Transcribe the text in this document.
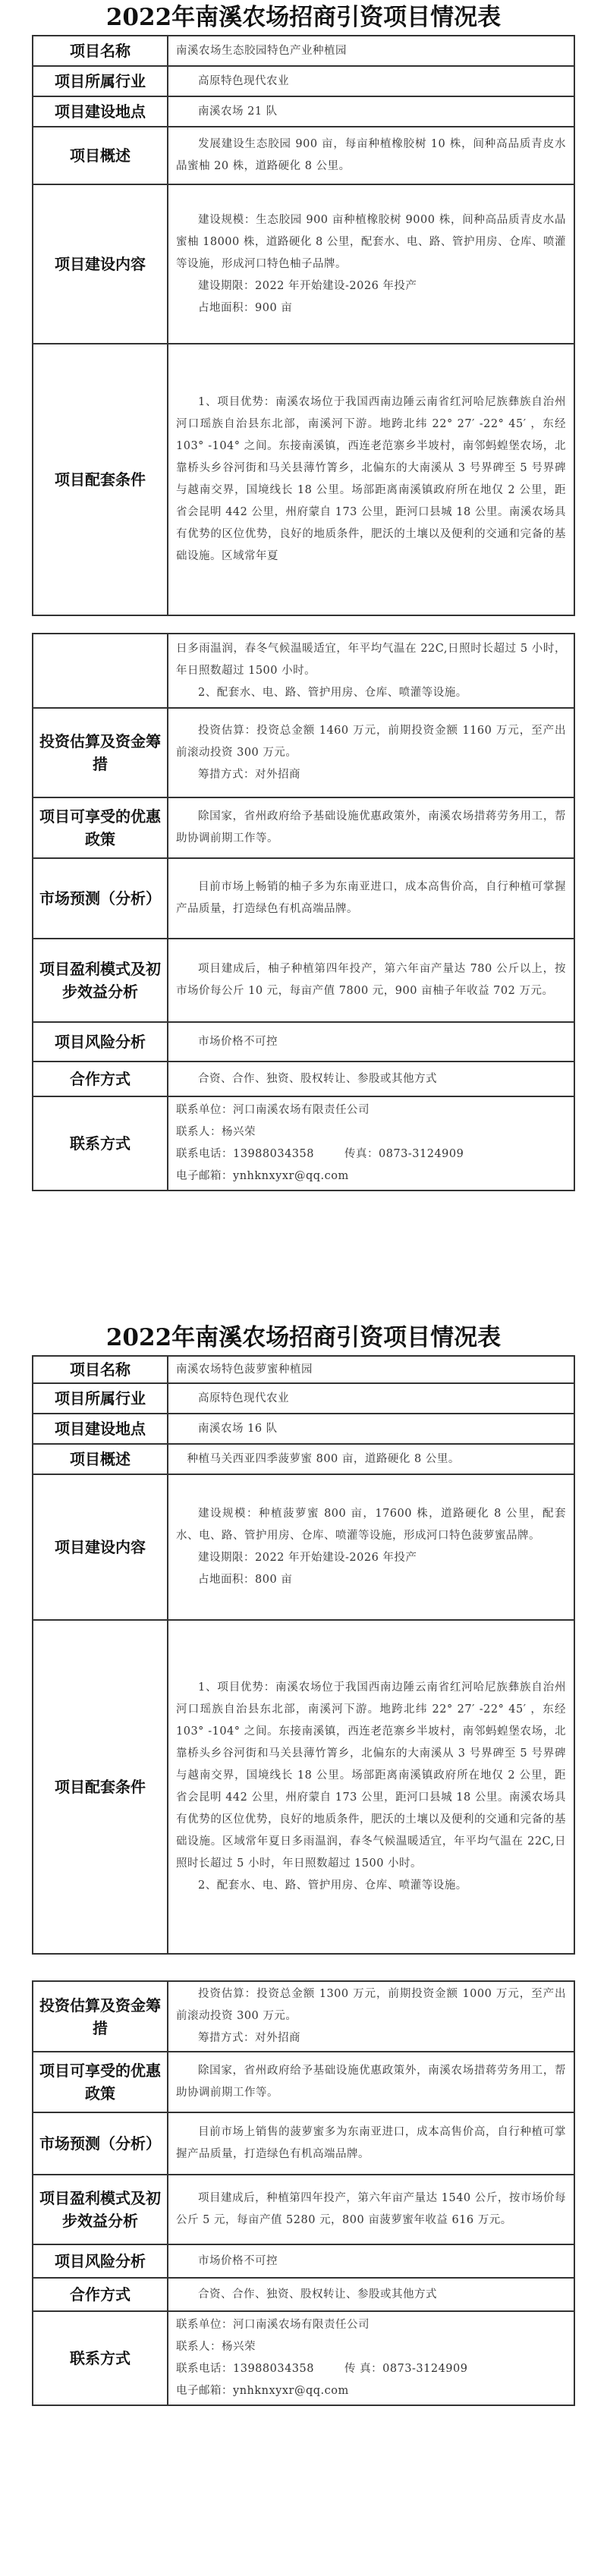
2022年南溪农场招商引资项目情况表
项目名称	南溪农场生态胶园特色产业种植园

项目所属行业	高原特色现代农业

项目建设地点	南溪农场 21 队

项目概述	发展建设生态胶园 900 亩，每亩种植橡胶树 10 株，间种高品质青皮水晶蜜柚 20 株，道路硬化 8 公里。

项目建设内容	建设规模：生态胶园 900 亩种植橡胶树 9000 株，间种高品质青皮水晶蜜柚 18000 株，道路硬化 8 公里，配套水、电、路、管护用房、仓库、喷灌等设施，形成河口特色柚子品牌。

建设期限：2022 年开始建设-2026 年投产

占地面积：900 亩

项目配套条件	1、项目优势：南溪农场位于我国西南边陲云南省红河哈尼族彝族自治州河口瑶族自治县东北部，南溪河下游。地跨北纬 22° 27′ -22° 45′ ，东经 103° -104° 之间。东接南溪镇，西连老范寨乡半坡村，南邻蚂蝗堡农场，北靠桥头乡谷河街和马关县薄竹箐乡，北偏东的大南溪从 3 号界碑至 5 号界碑与越南交界，国境线长 18 公里。场部距离南溪镇政府所在地仅 2 公里，距省会昆明 442 公里，州府蒙自 173 公里，距河口县城 18 公里。南溪农场具有优势的区位优势，良好的地质条件，肥沃的土壤以及便利的交通和完备的基础设施。区域常年夏

	日多雨温润，春冬气候温暖适宜，年平均气温在 22C,日照时长超过 5 小时，年日照数超过 1500 小时。

2、配套水、电、路、管护用房、仓库、喷灌等设施。

投资估算及资金筹措	投资估算：投资总金额 1460 万元，前期投资金额 1160 万元，至产出前滚动投资 300 万元。

筹措方式：对外招商

项目可享受的优惠政策	除国家，省州政府给予基础设施优惠政策外，南溪农场措蒋劳务用工，帮助协调前期工作等。

市场预测（分析）	目前市场上畅销的柚子多为东南亚进口，成本高售价高，自行种植可掌握产品质量，打造绿色有机高端品牌。

项目盈利模式及初步效益分析	项目建成后，柚子种植第四年投产，第六年亩产量达 780 公斤以上，按市场价每公斤 10 元，每亩产值 7800 元，900 亩柚子年收益 702 万元。

项目风险分析	市场价格不可控

合作方式	合资、合作、独资、股权转让、参股或其他方式

联系方式	联系单位：河口南溪农场有限责任公司

联系人：杨兴荣

联系电话：13988034358 传真：0873-3124909

电子邮箱：ynhknxyxr@qq.com

2022年南溪农场招商引资项目情况表
项目名称	南溪农场特色菠萝蜜种植园

项目所属行业	高原特色现代农业

项目建设地点	南溪农场 16 队

项目概述	种植马关西亚四季菠萝蜜 800 亩，道路硬化 8 公里。

项目建设内容	建设规模：种植菠萝蜜 800 亩，17600 株，道路硬化 8 公里，配套水、电、路、管护用房、仓库、喷灌等设施，形成河口特色菠萝蜜品牌。

建设期限：2022 年开始建设-2026 年投产

占地面积：800 亩

项目配套条件	1、项目优势：南溪农场位于我国西南边陲云南省红河哈尼族彝族自治州河口瑶族自治县东北部，南溪河下游。地跨北纬 22° 27′ -22° 45′ ，东经 103° -104° 之间。东接南溪镇，西连老范寨乡半坡村，南邻蚂蝗堡农场，北靠桥头乡谷河街和马关县薄竹箐乡，北偏东的大南溪从 3 号界碑至 5 号界碑与越南交界，国境线长 18 公里。场部距离南溪镇政府所在地仅 2 公里，距省会昆明 442 公里，州府蒙自 173 公里，距河口县城 18 公里。南溪农场具有优势的区位优势，良好的地质条件，肥沃的土壤以及便利的交通和完备的基础设施。区域常年夏日多雨温润，春冬气候温暖适宜，年平均气温在 22C,日照时长超过 5 小时，年日照数超过 1500 小时。

2、配套水、电、路、管护用房、仓库、喷灌等设施。

投资估算及资金筹措	投资估算：投资总金额 1300 万元，前期投资金额 1000 万元，至产出前滚动投资 300 万元。

筹措方式：对外招商

项目可享受的优惠政策	除国家，省州政府给予基础设施优惠政策外，南溪农场措蒋劳务用工，帮助协调前期工作等。

市场预测（分析）	目前市场上销售的菠萝蜜多为东南亚进口，成本高售价高，自行种植可掌握产品质量，打造绿色有机高端品牌。

项目盈利模式及初步效益分析	项目建成后，种植第四年投产，第六年亩产量达 1540 公斤，按市场价每公斤 5 元，每亩产值 5280 元，800 亩菠萝蜜年收益 616 万元。

项目风险分析	市场价格不可控

合作方式	合资、合作、独资、股权转让、参股或其他方式

联系方式	联系单位：河口南溪农场有限责任公司

联系人：杨兴荣

联系电话：13988034358 传 真：0873-3124909

电子邮箱：ynhknxyxr@qq.com
